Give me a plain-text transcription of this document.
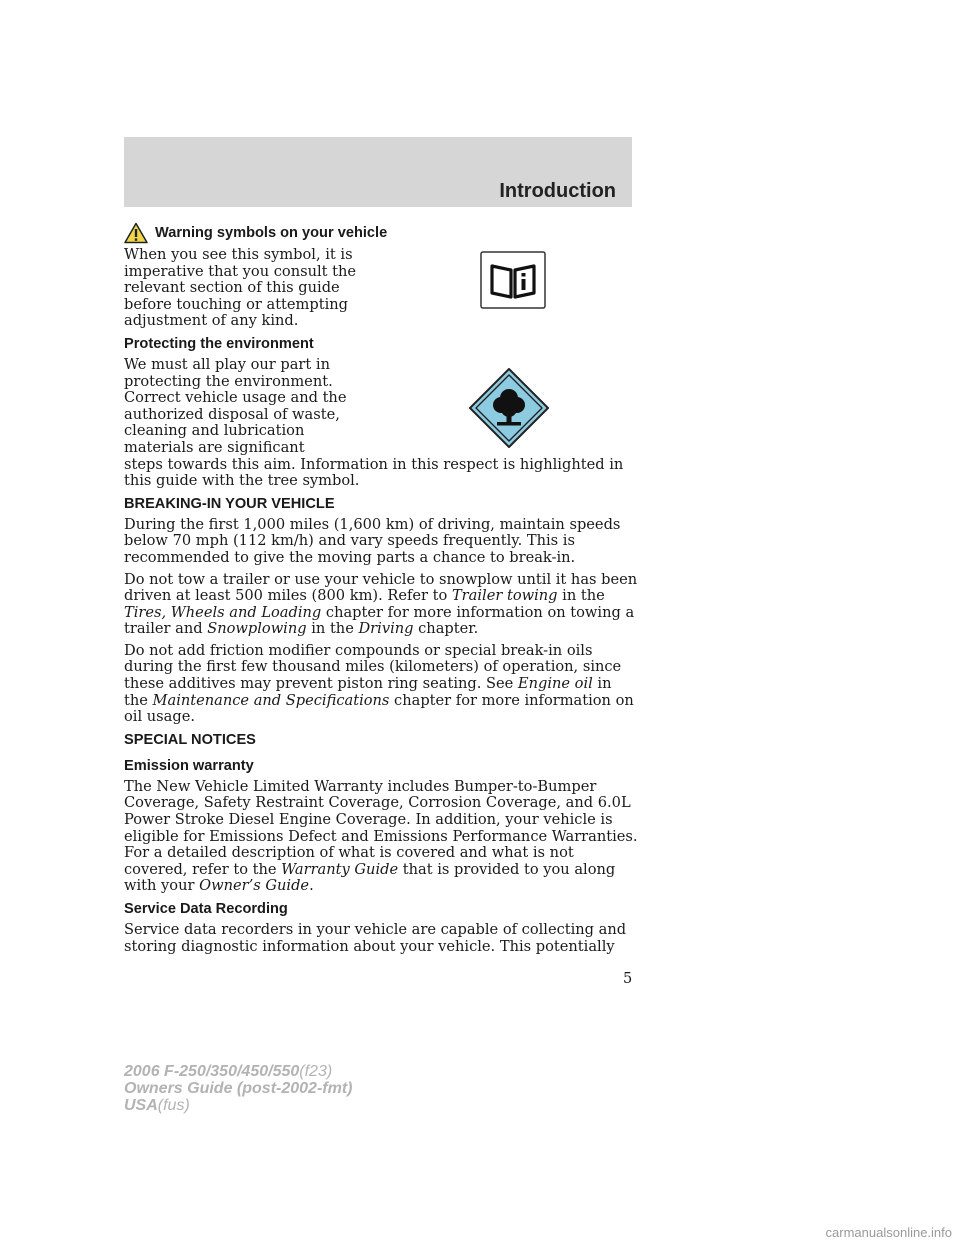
Introduction
Warning symbols on your vehicle

When you see this symbol, it is imperative that you consult the relevant section of this guide before touching or attempting adjustment of any kind.

Protecting the environment

We must all play our part in protecting the environment. Correct vehicle usage and the authorized disposal of waste, cleaning and lubrication materials are significant

steps towards this aim. Information in this respect is highlighted in this guide with the tree symbol.

BREAKING-IN YOUR VEHICLE

During the first 1,000 miles (1,600 km) of driving, maintain speeds below 70 mph (112 km/h) and vary speeds frequently. This is recommended to give the moving parts a chance to break-in.

Do not tow a trailer or use your vehicle to snowplow until it has been driven at least 500 miles (800 km). Refer to Trailer towing in the Tires, Wheels and Loading chapter for more information on towing a trailer and Snowplowing in the Driving chapter.

Do not add friction modifier compounds or special break-in oils during the first few thousand miles (kilometers) of operation, since these additives may prevent piston ring seating. See Engine oil in the Maintenance and Specifications chapter for more information on oil usage.

SPECIAL NOTICES
Emission warranty

The New Vehicle Limited Warranty includes Bumper-to-Bumper Coverage, Safety Restraint Coverage, Corrosion Coverage, and 6.0L Power Stroke Diesel Engine Coverage. In addition, your vehicle is eligible for Emissions Defect and Emissions Performance Warranties. For a detailed description of what is covered and what is not covered, refer to the Warranty Guide that is provided to you along with your Owner’s Guide.

Service Data Recording

Service data recorders in your vehicle are capable of collecting and storing diagnostic information about your vehicle. This potentially

5
2006 F-250/350/450/550(f23)
Owners Guide (post-2002-fmt)
USA(fus)
carmanualsonline.info
